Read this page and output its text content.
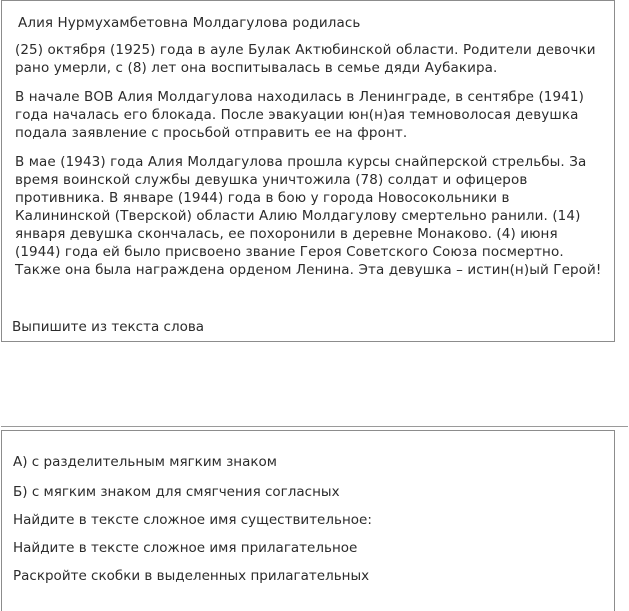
Алия Нурмухамбетовна Молдагулова родилась
(25) октября (1925) года в ауле Булак Актюбинской области. Родители девочки рано умерли, с (8) лет она воспитывалась в семье дяди Аубакира.
В начале ВОВ Алия Молдагулова находилась в Ленинграде, в сентябре (1941) года началась его блокада. После эвакуации юн(н)ая темноволосая девушка подала заявление с просьбой отправить ее на фронт.
В мае (1943) года Алия Молдагулова прошла курсы снайперской стрельбы. За время воинской службы девушка уничтожила (78) солдат и офицеров противника. В январе (1944) года в бою у города Новосокольники в Калининской (Тверской) области Алию Молдагулову смертельно ранили. (14) января девушка скончалась, ее похоронили в деревне Монаково. (4) июня (1944) года ей было присвоено звание Героя Советского Союза посмертно. Также она была награждена орденом Ленина. Эта девушка – истин(н)ый Герой!
Выпишите из текста слова
А) с разделительным мягким знаком
Б) с мягким знаком для смягчения согласных
Найдите в тексте сложное имя существительное:
Найдите в тексте сложное имя прилагательное
Раскройте скобки в выделенных прилагательных
